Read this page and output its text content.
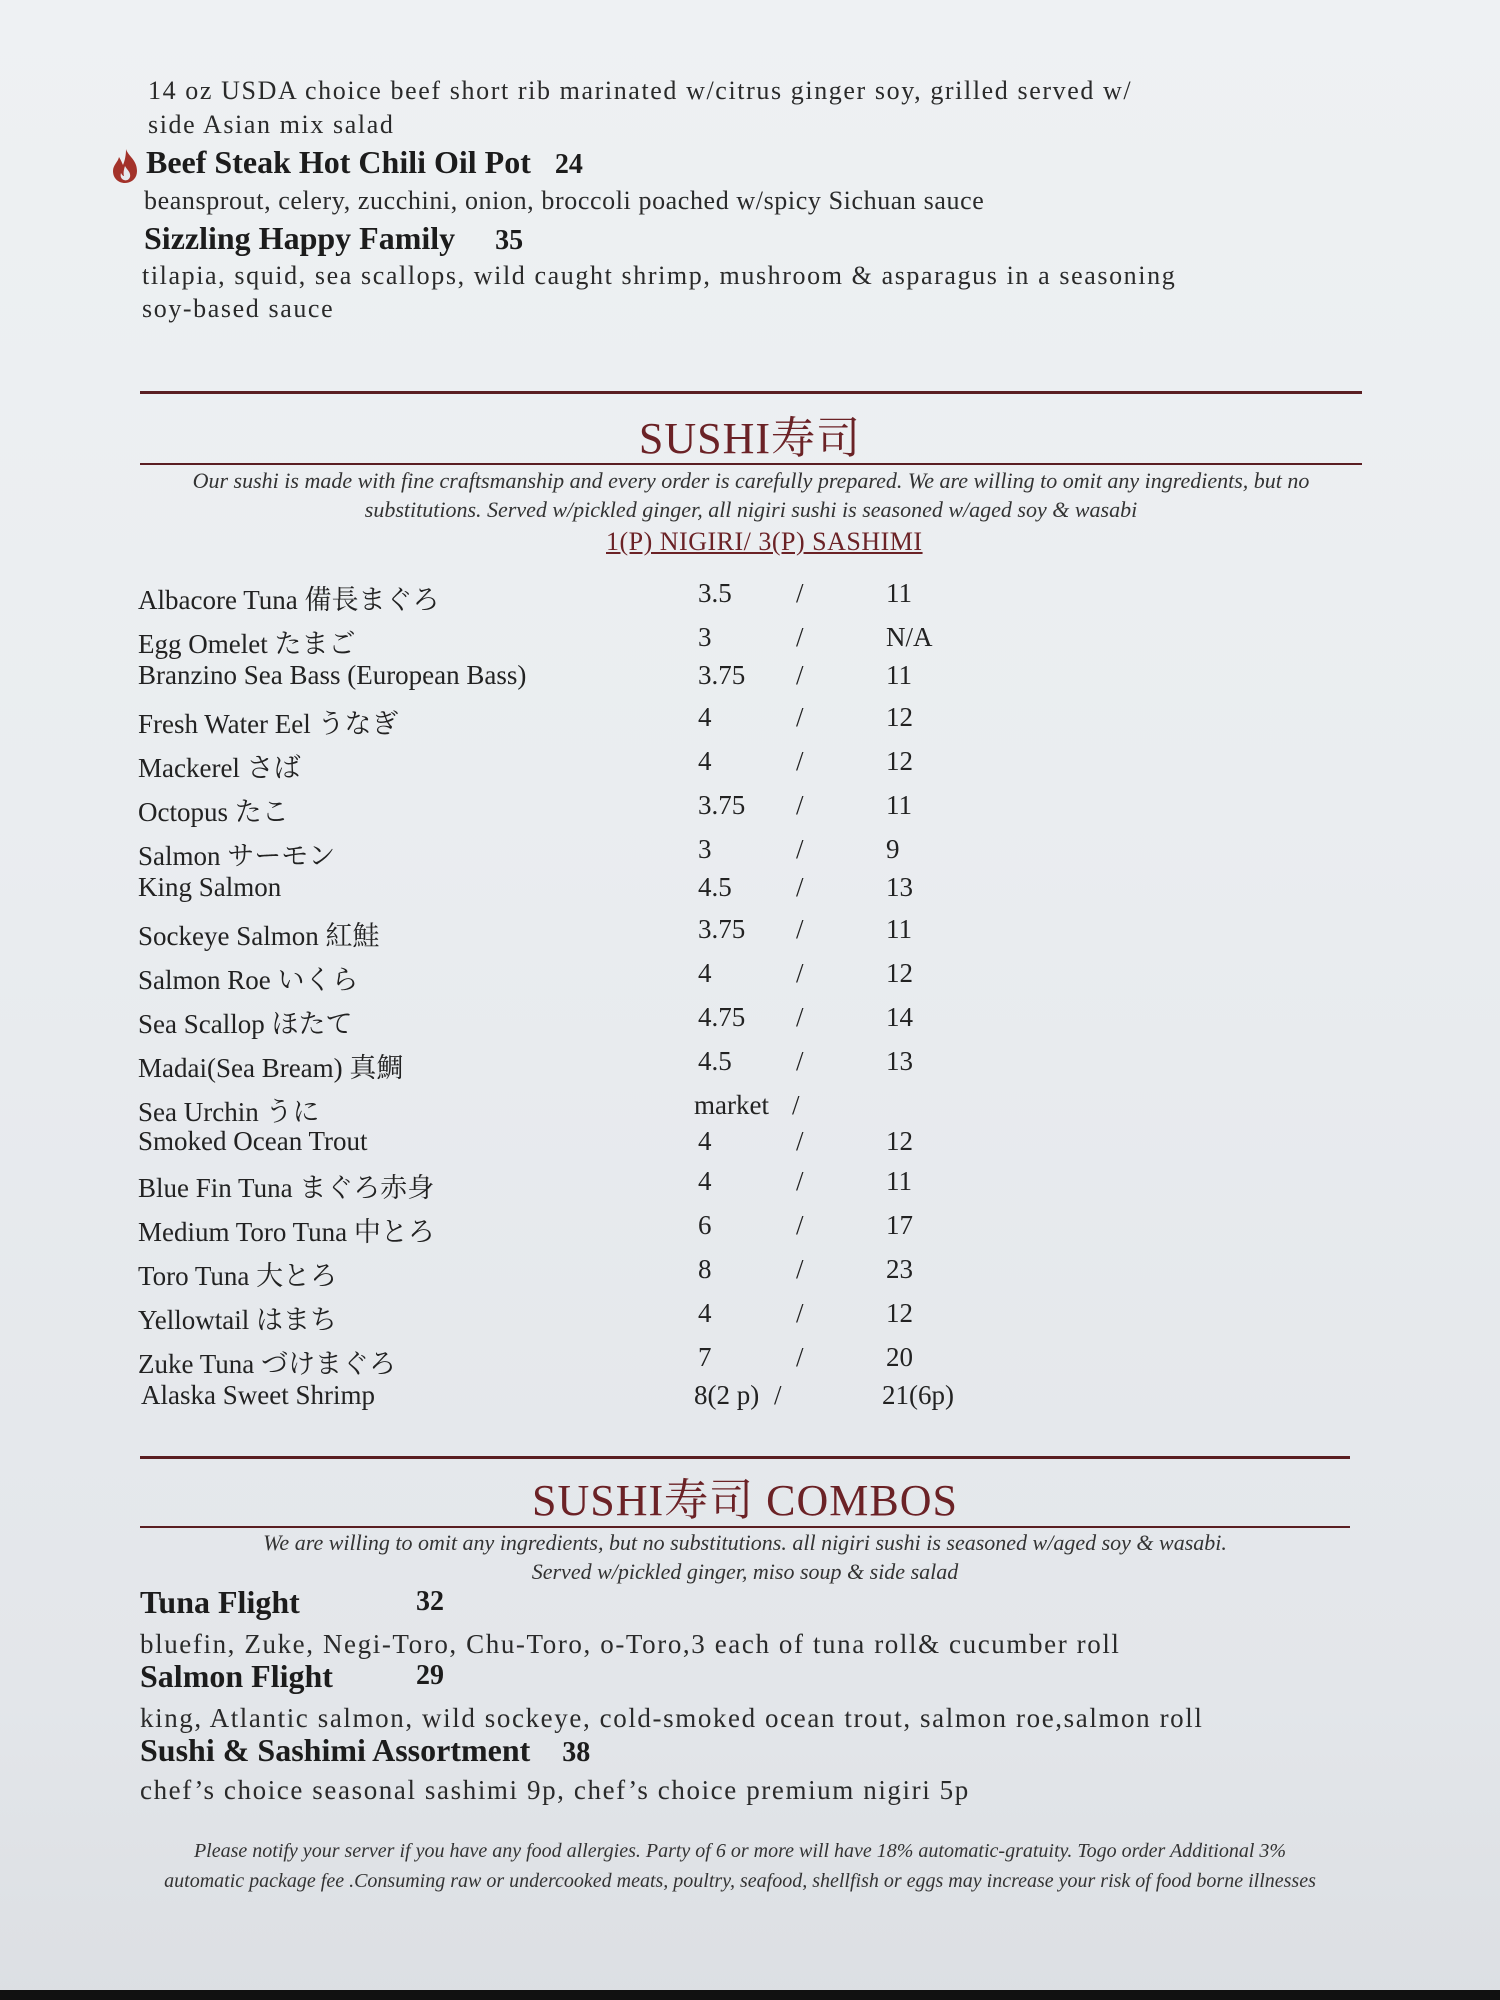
14 oz USDA choice beef short rib marinated w/citrus ginger soy, grilled served w/
side Asian mix salad
Beef Steak Hot Chili Oil Pot 24
beansprout, celery, zucchini, onion, broccoli poached w/spicy Sichuan sauce
Sizzling Happy Family 35
tilapia, squid, sea scallops, wild caught shrimp, mushroom & asparagus in a seasoning
soy-based sauce
SUSHI寿司
Our sushi is made with fine craftsmanship and every order is carefully prepared. We are willing to omit any ingredients, but no
substitutions. Served w/pickled ginger, all nigiri sushi is seasoned w/aged soy & wasabi
1(P) NIGIRI/ 3(P) SASHIMI
Albacore Tuna 備長まぐろ	3.5 /	11
Egg Omelet たまご	3	/	N/A
Branzino Sea Bass (European Bass)	3.75 /	11
Fresh Water Eel うなぎ	4	/	12
Mackerel さば	4	/	12
Octopus たこ	3.75 /	11
Salmon サーモン	3	/	9
King Salmon	4.5 /	13
Sockeye Salmon 紅鮭	3.75 /	11
Salmon Roe いくら	4	/	12
Sea Scallop ほたて	4.75 /	14
Madai(Sea Bream) 真鯛	4.5 /	13
Sea Urchin うに	market /
Smoked Ocean Trout	4	/	12
Blue Fin Tuna まぐろ赤身	4	/	11
Medium Toro Tuna 中とろ	6	/	17
Toro Tuna 大とろ	8	/	23
Yellowtail はまち	4	/	12
Zuke Tuna づけまぐろ	7	/	20
Alaska Sweet Shrimp	8(2 p) /	21(6p)
SUSHI寿司 COMBOS
We are willing to omit any ingredients, but no substitutions. all nigiri sushi is seasoned w/aged soy & wasabi.
Served w/pickled ginger, miso soup & side salad
Tuna Flight	32
bluefin, Zuke, Negi-Toro, Chu-Toro, o-Toro,3 each of tuna roll& cucumber roll
Salmon Flight	29
king, Atlantic salmon, wild sockeye, cold-smoked ocean trout, salmon roe,salmon roll
Sushi & Sashimi Assortment 38
chef’s choice seasonal sashimi 9p, chef’s choice premium nigiri 5p
Please notify your server if you have any food allergies. Party of 6 or more will have 18% automatic-gratuity. Togo order Additional 3%
automatic package fee .Consuming raw or undercooked meats, poultry, seafood, shellfish or eggs may increase your risk of food borne illnesses
